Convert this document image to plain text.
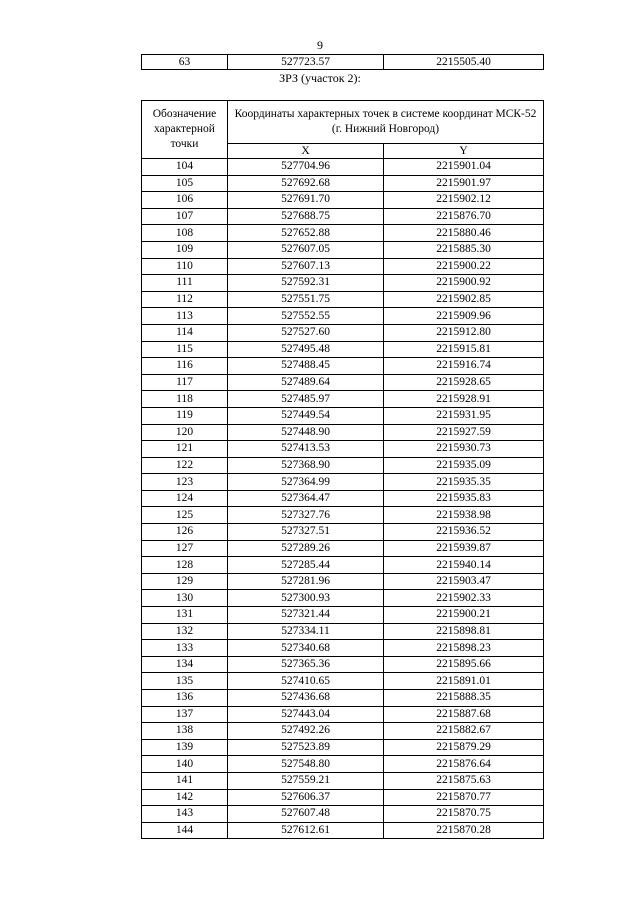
9
63	527723.57	2215505.40
ЗРЗ (участок 2):
Обозначение характерной точки	Координаты характерных точек в системе координат МСК-52 (г. Нижний Новгород)	
	X	Y
104	527704.96	2215901.04
105	527692.68	2215901.97
106	527691.70	2215902.12
107	527688.75	2215876.70
108	527652.88	2215880.46
109	527607.05	2215885.30
110	527607.13	2215900.22
111	527592.31	2215900.92
112	527551.75	2215902.85
113	527552.55	2215909.96
114	527527.60	2215912.80
115	527495.48	2215915.81
116	527488.45	2215916.74
117	527489.64	2215928.65
118	527485.97	2215928.91
119	527449.54	2215931.95
120	527448.90	2215927.59
121	527413.53	2215930.73
122	527368.90	2215935.09
123	527364.99	2215935.35
124	527364.47	2215935.83
125	527327.76	2215938.98
126	527327.51	2215936.52
127	527289.26	2215939.87
128	527285.44	2215940.14
129	527281.96	2215903.47
130	527300.93	2215902.33
131	527321.44	2215900.21
132	527334.11	2215898.81
133	527340.68	2215898.23
134	527365.36	2215895.66
135	527410.65	2215891.01
136	527436.68	2215888.35
137	527443.04	2215887.68
138	527492.26	2215882.67
139	527523.89	2215879.29
140	527548.80	2215876.64
141	527559.21	2215875.63
142	527606.37	2215870.77
143	527607.48	2215870.75
144	527612.61	2215870.28
